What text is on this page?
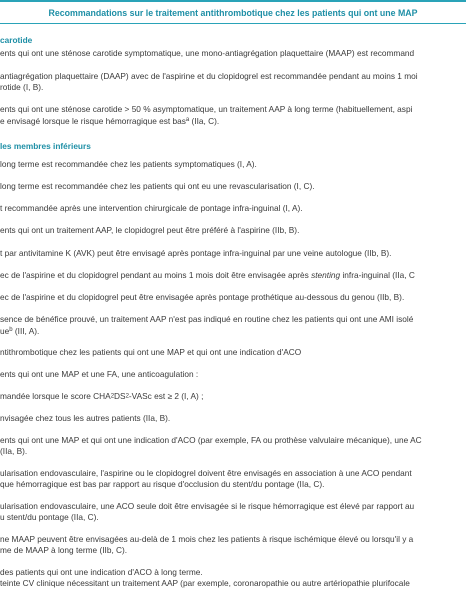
Recommandations sur le traitement antithrombotique chez les patients qui ont une MAP
carotide
ents qui ont une sténose carotide symptomatique, une mono-antiagrégation plaquettaire (MAAP) est recommand
antiagrégation plaquettaire (DAAP) avec de l'aspirine et du clopidogrel est recommandée pendant au moins 1 moi
rotide (I, B).
ents qui ont une sténose carotide > 50 % asymptomatique, un traitement AAP à long terme (habituellement, aspi
e envisagé lorsque le risque hémorragique est bas$^a$ (IIa, C).
les membres inférieurs
long terme est recommandée chez les patients symptomatiques (I, A).
long terme est recommandée chez les patients qui ont eu une revascularisation (I, C).
t recommandée après une intervention chirurgicale de pontage infra-inguinal (I, A).
ents qui ont un traitement AAP, le clopidogrel peut être préféré à l'aspirine (IIb, B).
t par antivitamine K (AVK) peut être envisagé après pontage infra-inguinal par une veine autologue (IIb, B).
ec de l'aspirine et du clopidogrel pendant au moins 1 mois doit être envisagée après stenting infra-inguinal (IIa, C
ec de l'aspirine et du clopidogrel peut être envisagée après pontage prothétique au-dessous du genou (IIb, B).
sence de bénéfice prouvé, un traitement AAP n'est pas indiqué en routine chez les patients qui ont une AMI isolé
$ue^b$ (III, A).
ntithrombotique chez les patients qui ont une MAP et qui ont une indication d'ACO
ents qui ont une MAP et une FA, une anticoagulation :
mandée lorsque le score $CHA^2DS^2$-VASc est ≥ 2 (I, A) ;
nvisagée chez tous les autres patients (IIa, B).
ents qui ont une MAP et qui ont une indication d'ACO (par exemple, FA ou prothèse valvulaire mécanique), une AC
(IIa, B).
ularisation endovasculaire, l'aspirine ou le clopidogrel doivent être envisagés en association à une ACO pendant
que hémorragique est bas par rapport au risque d'occlusion du stent/du pontage (IIa, C).
ularisation endovasculaire, une ACO seule doit être envisagée si le risque hémorragique est élevé par rapport au
u stent/du pontage (IIa, C).
ne MAAP peuvent être envisagées au-delà de 1 mois chez les patients à risque ischémique élevé ou lorsqu'il y a
me de MAAP à long terme (IIb, C).
des patients qui ont une indication d'ACO à long terme.
teinte CV clinique nécessitant un traitement AAP (par exemple, coronaropathie ou autre artériopathie plurifocale
